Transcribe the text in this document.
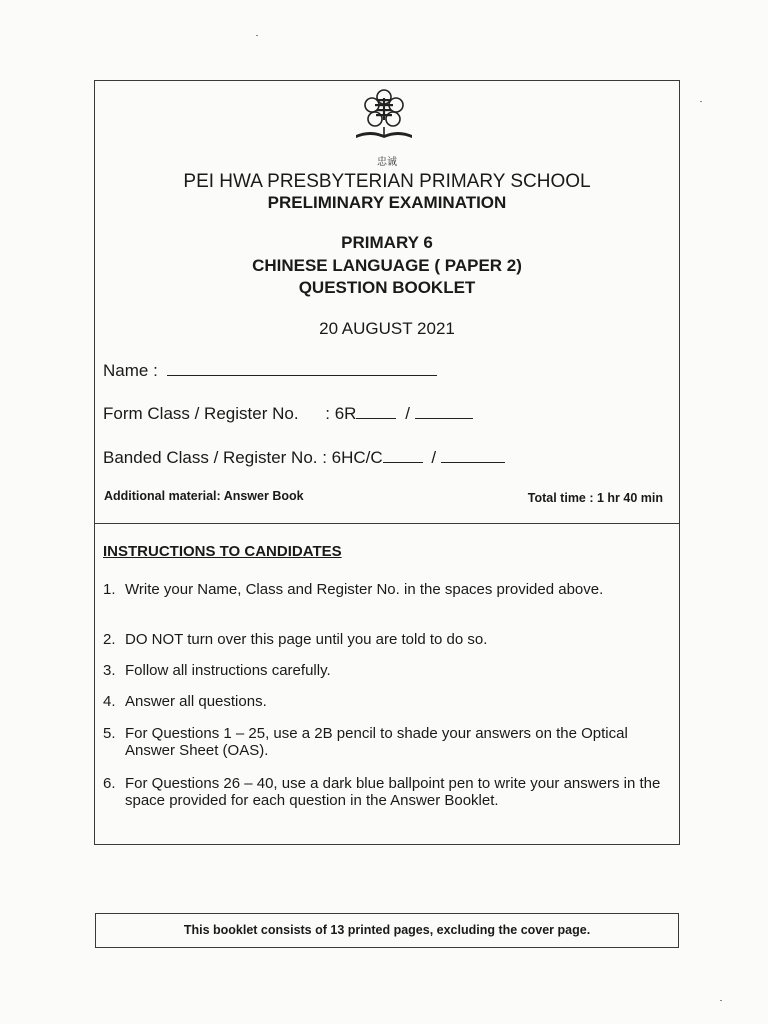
忠诚
PEI HWA PRESBYTERIAN PRIMARY SCHOOL
PRELIMINARY EXAMINATION
PRIMARY 6
CHINESE LANGUAGE ( PAPER 2)
QUESTION BOOKLET
20 AUGUST 2021
Name :
Form Class / Register No. : 6R	/
Banded Class / Register No. : 6HC/C	/
Additional material: Answer Book	Total time : 1 hr 40 min
INSTRUCTIONS TO CANDIDATES
1. Write your Name, Class and Register No. in the spaces provided above.
2. DO NOT turn over this page until you are told to do so.
3. Follow all instructions carefully.
4. Answer all questions.
5. For Questions 1 – 25, use a 2B pencil to shade your answers on the Optical Answer Sheet (OAS).
6. For Questions 26 – 40, use a dark blue ballpoint pen to write your answers in the space provided for each question in the Answer Booklet.
This booklet consists of 13 printed pages, excluding the cover page.
